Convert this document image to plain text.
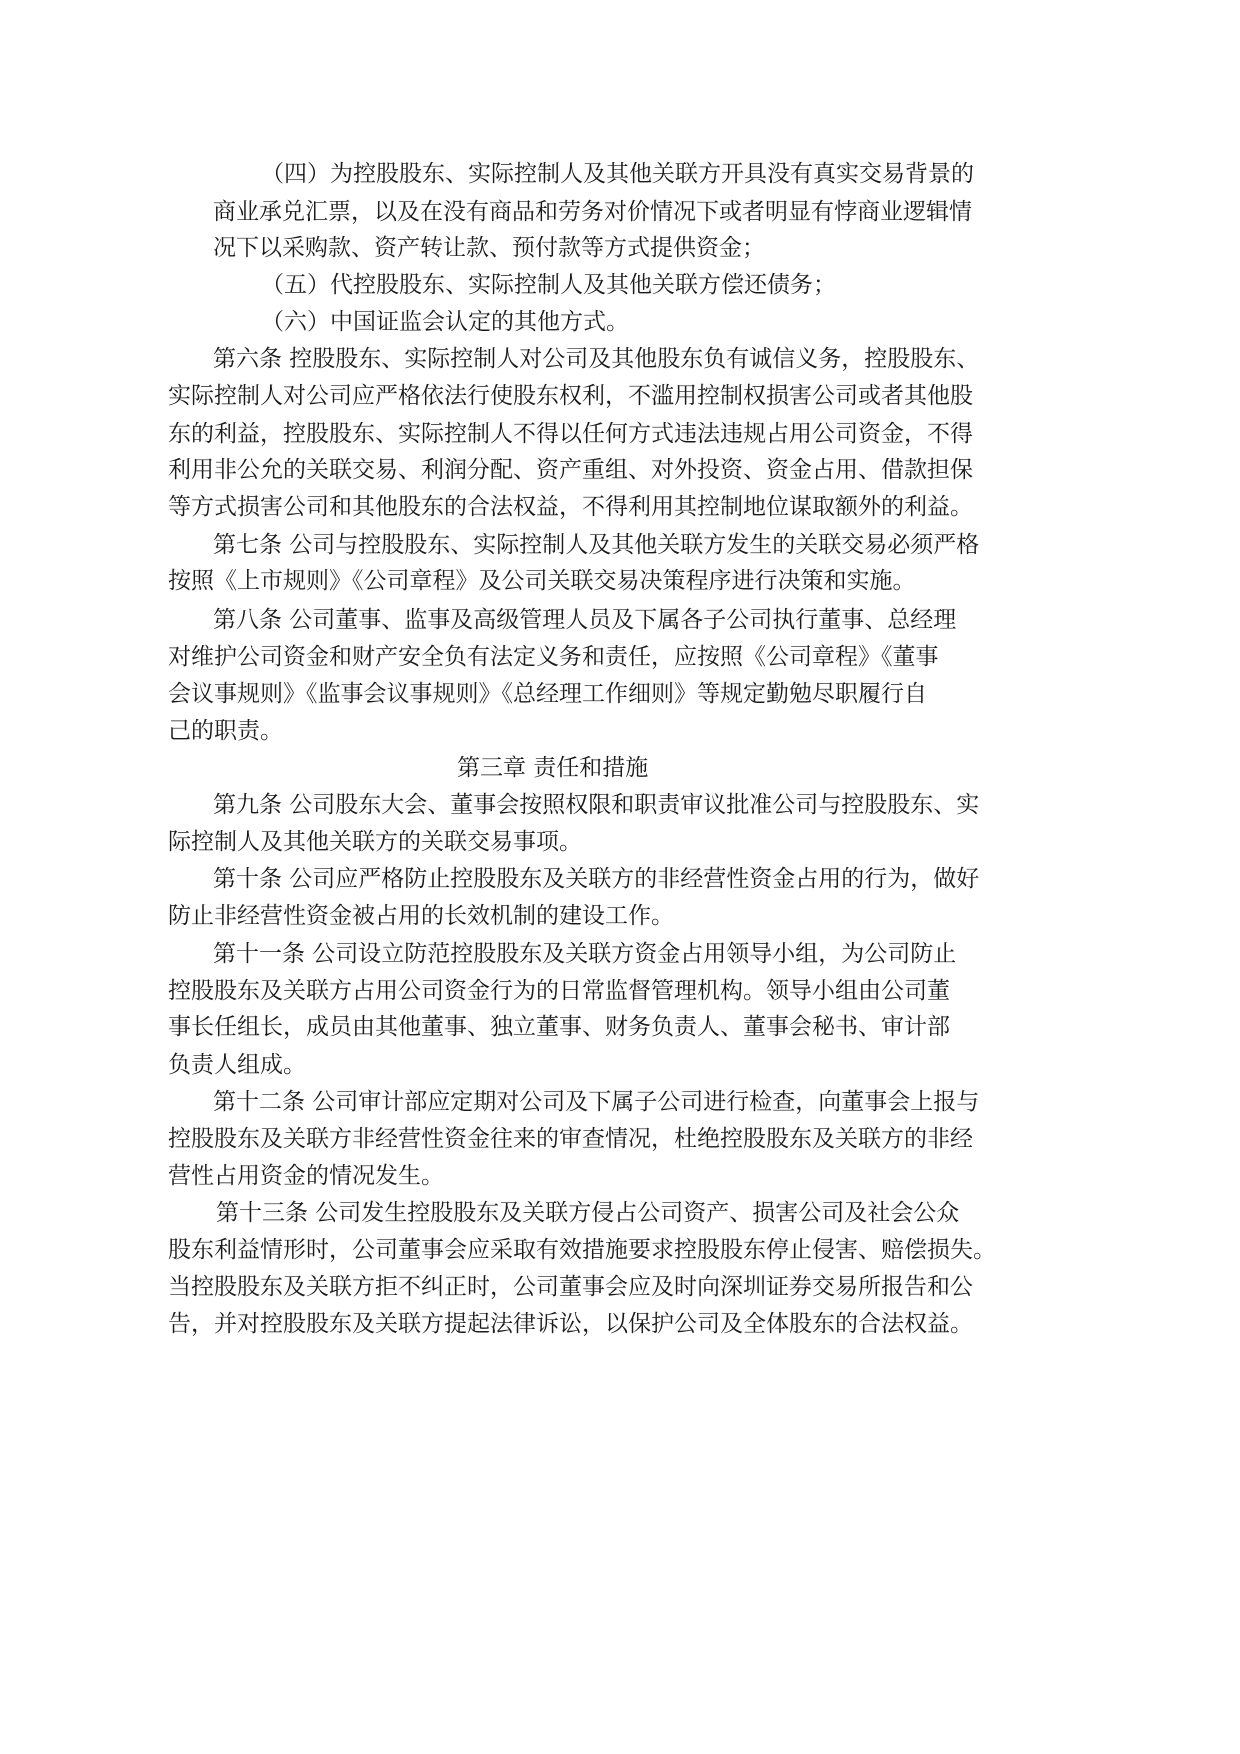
（四）为控股股东、实际控制人及其他关联方开具没有真实交易背景的
商业承兑汇票，以及在没有商品和劳务对价情况下或者明显有悖商业逻辑情
况下以采购款、资产转让款、预付款等方式提供资金；
（五）代控股股东、实际控制人及其他关联方偿还债务；
（六）中国证监会认定的其他方式。
第六条 控股股东、实际控制人对公司及其他股东负有诚信义务，控股股东、
实际控制人对公司应严格依法行使股东权利，不滥用控制权损害公司或者其他股
东的利益，控股股东、实际控制人不得以任何方式违法违规占用公司资金，不得
利用非公允的关联交易、利润分配、资产重组、对外投资、资金占用、借款担保
等方式损害公司和其他股东的合法权益，不得利用其控制地位谋取额外的利益。
第七条 公司与控股股东、实际控制人及其他关联方发生的关联交易必须严格
按照《上市规则》《公司章程》及公司关联交易决策程序进行决策和实施。
第八条 公司董事、监事及高级管理人员及下属各子公司执行董事、总经理
对维护公司资金和财产安全负有法定义务和责任，应按照《公司章程》《董事
会议事规则》《监事会议事规则》《总经理工作细则》等规定勤勉尽职履行自
己的职责。
第三章 责任和措施
第九条 公司股东大会、董事会按照权限和职责审议批准公司与控股股东、实
际控制人及其他关联方的关联交易事项。
第十条 公司应严格防止控股股东及关联方的非经营性资金占用的行为，做好
防止非经营性资金被占用的长效机制的建设工作。
第十一条 公司设立防范控股股东及关联方资金占用领导小组，为公司防止
控股股东及关联方占用公司资金行为的日常监督管理机构。领导小组由公司董
事长任组长，成员由其他董事、独立董事、财务负责人、董事会秘书、审计部
负责人组成。
第十二条 公司审计部应定期对公司及下属子公司进行检查，向董事会上报与
控股股东及关联方非经营性资金往来的审查情况，杜绝控股股东及关联方的非经
营性占用资金的情况发生。
第十三条 公司发生控股股东及关联方侵占公司资产、损害公司及社会公众
股东利益情形时，公司董事会应采取有效措施要求控股股东停止侵害、赔偿损失。
当控股股东及关联方拒不纠正时，公司董事会应及时向深圳证券交易所报告和公
告，并对控股股东及关联方提起法律诉讼，以保护公司及全体股东的合法权益。
